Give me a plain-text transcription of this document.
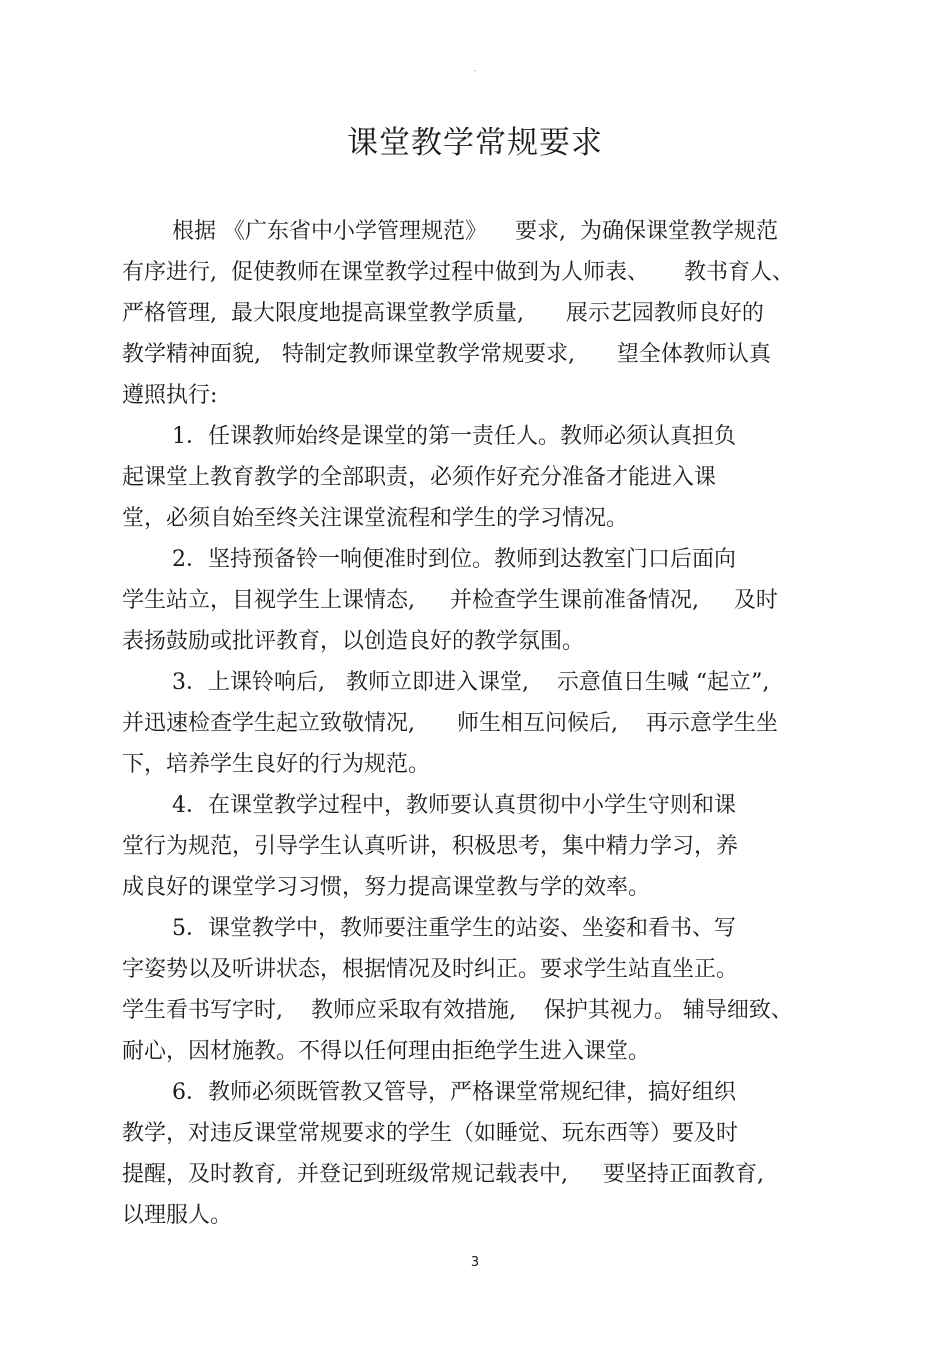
-
课堂教学常规要求
根据 《广东省中小学管理规范》    要求,  为确保课堂教学规范
有序进行,  促使教师在课堂教学过程中做到为人师表、     教书育人、
严格管理,  最大限度地提高课堂教学质量,      展示艺园教师良好的
教学精神面貌,   特制定教师课堂教学常规要求,      望全体教师认真
遵照执行:
1．任课教师始终是课堂的第一责任人。教师必须认真担负
起课堂上教育教学的全部职责，必须作好充分准备才能进入课
堂，必须自始至终关注课堂流程和学生的学习情况。
2．坚持预备铃一响便准时到位。教师到达教室门口后面向
学生站立，目视学生上课情态,     并检查学生课前准备情况,     及时
表扬鼓励或批评教育，以创造良好的教学氛围。
3．上课铃响后,   教师立即进入课堂,    示意值日生喊 “起立”,
并迅速检查学生起立致敬情况,      师生相互问候后,    再示意学生坐
下，培养学生良好的行为规范。
4．在课堂教学过程中，教师要认真贯彻中小学生守则和课
堂行为规范，引导学生认真听讲，积极思考，集中精力学习，养
成良好的课堂学习习惯，努力提高课堂教与学的效率。
5．课堂教学中，教师要注重学生的站姿、坐姿和看书、写
字姿势以及听讲状态，根据情况及时纠正。要求学生站直坐正。
学生看书写字时,    教师应采取有效措施,    保护其视力。 辅导细致、
耐心，因材施教。不得以任何理由拒绝学生进入课堂。
6．教师必须既管教又管导，严格课堂常规纪律，搞好组织
教学，对违反课堂常规要求的学生（如睡觉、玩东西等）要及时
提醒，及时教育,  并登记到班级常规记载表中,     要坚持正面教育,
以理服人。
3
